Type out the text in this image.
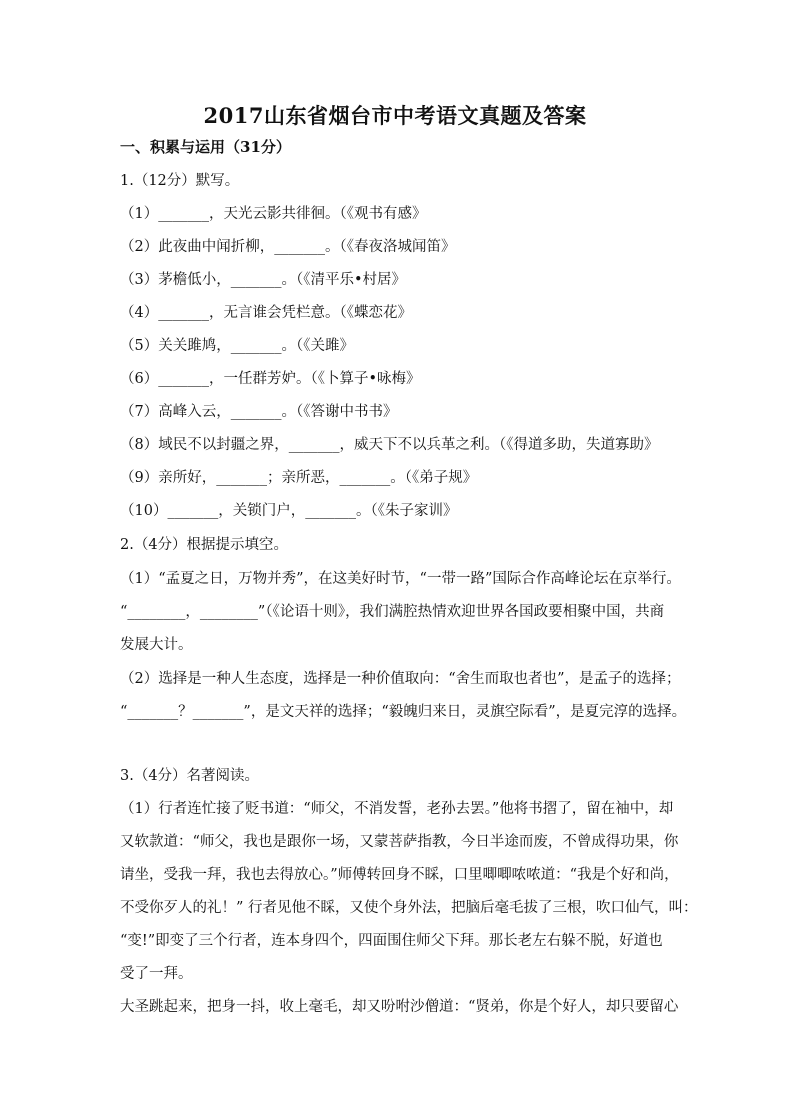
2017山东省烟台市中考语文真题及答案
一、积累与运用（31分）
1.（12分）默写。
（1）_______，天光云影共徘徊。（《观书有感》
（2）此夜曲中闻折柳，_______。（《春夜洛城闻笛》
（3）茅檐低小，_______。（《清平乐•村居》
（4）_______，无言谁会凭栏意。（《蝶恋花》
（5）关关雎鸠，_______。（《关雎》
（6）_______，一任群芳妒。（《卜算子•咏梅》
（7）高峰入云，_______。（《答谢中书书》
（8）域民不以封疆之界，_______，威天下不以兵革之利。（《得道多助，失道寡助》
（9）亲所好，_______；亲所恶，_______。（《弟子规》
（10）_______，关锁门户，_______。（《朱子家训》
2.（4分）根据提示填空。
（1）“孟夏之日，万物并秀”，在这美好时节，“一带一路”国际合作高峰论坛在京举行。
“________，________”（《论语十则》，我们满腔热情欢迎世界各国政要相聚中国，共商
发展大计。
（2）选择是一种人生态度，选择是一种价值取向：“舍生而取也者也”，是孟子的选择；
“_______？_______”，是文天祥的选择；“毅魄归来日，灵旗空际看”，是夏完淳的选择。
3.（4分）名著阅读。
（1）行者连忙接了贬书道：“师父，不消发誓，老孙去罢。”他将书摺了，留在袖中，却
又软款道：“师父，我也是跟你一场，又蒙菩萨指教，今日半途而废，不曾成得功果，你
请坐，受我一拜，我也去得放心。”师傅转回身不睬，口里唧唧哝哝道：“我是个好和尚，
不受你歹人的礼！” 行者见他不睬，又使个身外法，把脑后毫毛拔了三根，吹口仙气，叫：
“变!”即变了三个行者，连本身四个，四面围住师父下拜。那长老左右躲不脱，好道也
受了一拜。
大圣跳起来，把身一抖，收上毫毛，却又吩咐沙僧道：“贤弟，你是个好人，却只要留心
